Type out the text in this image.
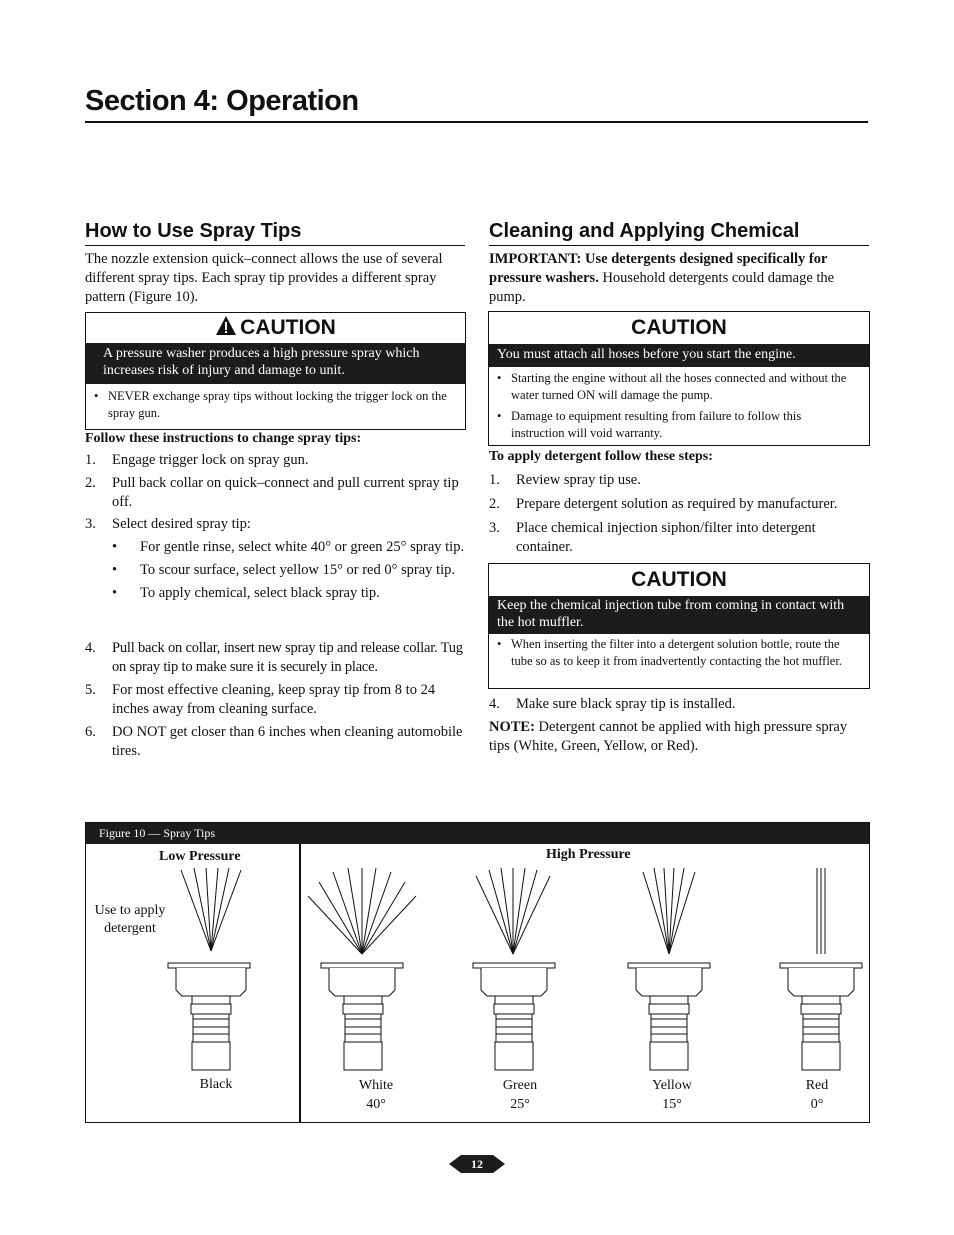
Section 4: Operation
How to Use Spray Tips
The nozzle extension quick–connect allows the use of several different spray tips. Each spray tip provides a different spray pattern (Figure 10).
CAUTION
A pressure washer produces a high pressure spray which increases risk of injury and damage to unit.
• NEVER exchange spray tips without locking the trigger lock on the spray gun.
Follow these instructions to change spray tips:
1. Engage trigger lock on spray gun.
2. Pull back collar on quick–connect and pull current spray tip off.
3. Select desired spray tip:
• For gentle rinse, select white 40° or green 25° spray tip.
• To scour surface, select yellow 15° or red 0° spray tip.
• To apply chemical, select black spray tip.
4. Pull back on collar, insert new spray tip and release collar. Tug on spray tip to make sure it is securely in place.
5. For most effective cleaning, keep spray tip from 8 to 24 inches away from cleaning surface.
6. DO NOT get closer than 6 inches when cleaning automobile tires.
Cleaning and Applying Chemical
IMPORTANT: Use detergents designed specifically for pressure washers. Household detergents could damage the pump.
CAUTION
You must attach all hoses before you start the engine.
• Starting the engine without all the hoses connected and without the water turned ON will damage the pump.
• Damage to equipment resulting from failure to follow this instruction will void warranty.
To apply detergent follow these steps:
1. Review spray tip use.
2. Prepare detergent solution as required by manufacturer.
3. Place chemical injection siphon/filter into detergent container.
CAUTION
Keep the chemical injection tube from coming in contact with the hot muffler.
• When inserting the filter into a detergent solution bottle, route the tube so as to keep it from inadvertently contacting the hot muffler.
4. Make sure black spray tip is installed.
NOTE: Detergent cannot be applied with high pressure spray tips (White, Green, Yellow, or Red).
Figure 10 — Spray Tips
Low Pressure	High Pressure
Use to apply detergent
Black	White
40°
Green
25°
Yellow
15°
Red
0°
12
